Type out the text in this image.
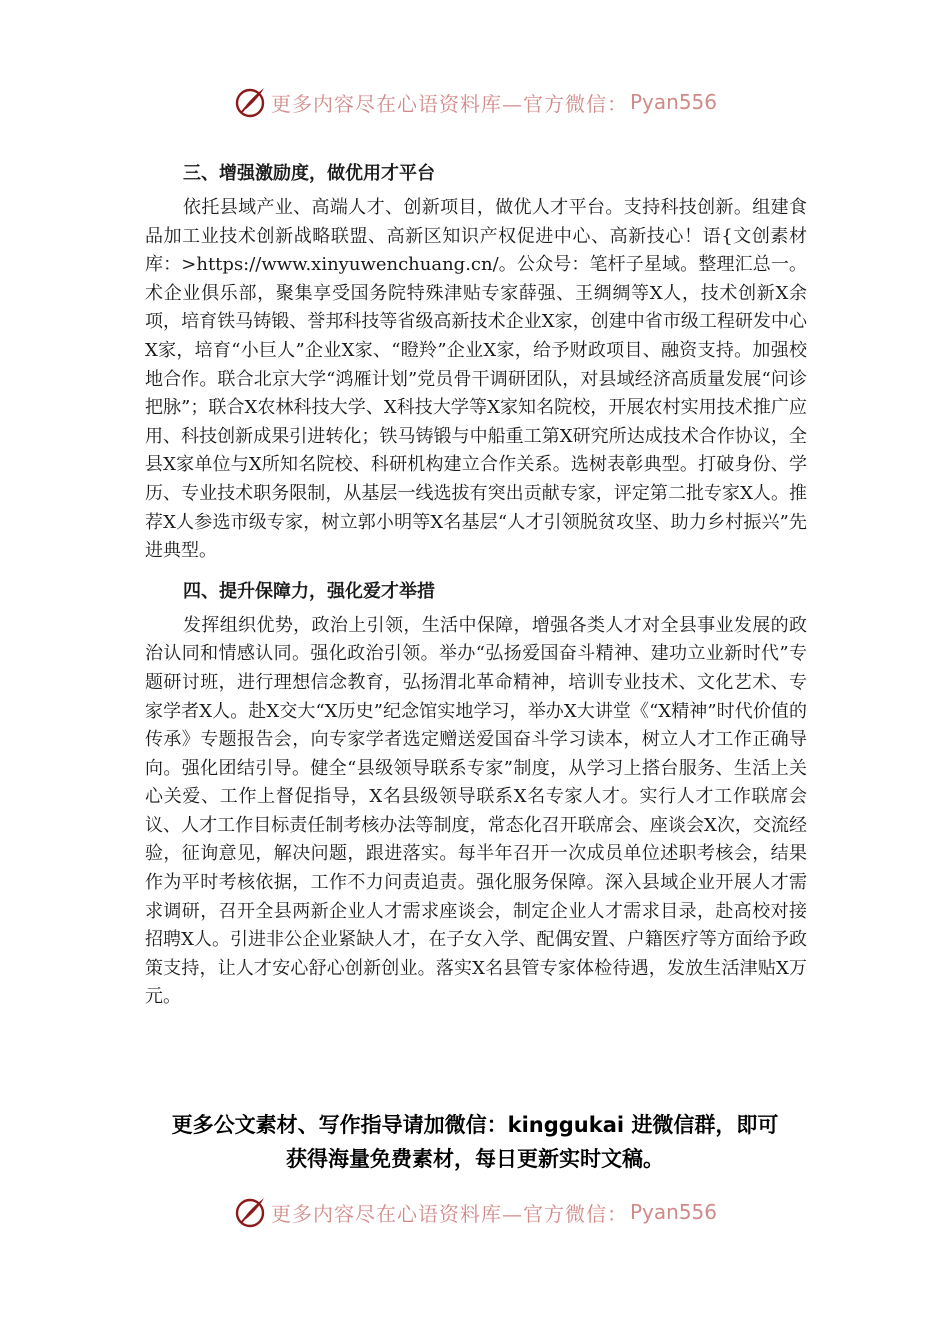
更多内容尽在心语资料库—官方微信： Pyan556

三、增强激励度，做优用才平台

依托县域产业、高端人才、创新项目，做优人才平台。支持科技创新。组建食品加工业技术创新战略联盟、高新区知识产权促进中心、高新技心！语{文创素材库：>https://www.xinyuwenchuang.cn/。公众号：笔杆子星域。整理汇总一。术企业俱乐部，聚集享受国务院特殊津贴专家薛强、王绸绸等X人，技术创新X余项，培育铁马铸锻、誉邦科技等省级高新技术企业X家，创建中省市级工程研发中心X家，培育“小巨人”企业X家、“瞪羚”企业X家，给予财政项目、融资支持。加强校地合作。联合北京大学“鸿雁计划”党员骨干调研团队，对县域经济高质量发展“问诊把脉”；联合X农林科技大学、X科技大学等X家知名院校，开展农村实用技术推广应用、科技创新成果引进转化；铁马铸锻与中船重工第X研究所达成技术合作协议，全县X家单位与X所知名院校、科研机构建立合作关系。选树表彰典型。打破身份、学历、专业技术职务限制，从基层一线选拔有突出贡献专家，评定第二批专家X人。推荐X人参选市级专家，树立郭小明等X名基层“人才引领脱贫攻坚、助力乡村振兴”先进典型。

四、提升保障力，强化爱才举措

发挥组织优势，政治上引领，生活中保障，增强各类人才对全县事业发展的政治认同和情感认同。强化政治引领。举办“弘扬爱国奋斗精神、建功立业新时代”专题研讨班，进行理想信念教育，弘扬渭北革命精神，培训专业技术、文化艺术、专家学者X人。赴X交大“X历史”纪念馆实地学习，举办X大讲堂《“X精神”时代价值的传承》专题报告会，向专家学者选定赠送爱国奋斗学习读本，树立人才工作正确导向。强化团结引导。健全“县级领导联系专家”制度，从学习上搭台服务、生活上关心关爱、工作上督促指导，X名县级领导联系X名专家人才。实行人才工作联席会议、人才工作目标责任制考核办法等制度，常态化召开联席会、座谈会X次，交流经验，征询意见，解决问题，跟进落实。每半年召开一次成员单位述职考核会，结果作为平时考核依据，工作不力问责追责。强化服务保障。深入县域企业开展人才需求调研，召开全县两新企业人才需求座谈会，制定企业人才需求目录，赴高校对接招聘X人。引进非公企业紧缺人才，在子女入学、配偶安置、户籍医疗等方面给予政策支持，让人才安心舒心创新创业。落实X名县管专家体检待遇，发放生活津贴X万元。

更多公文素材、写作指导请加微信：kinggukai 进微信群，即可
获得海量免费素材，每日更新实时文稿。
更多内容尽在心语资料库—官方微信： Pyan556
